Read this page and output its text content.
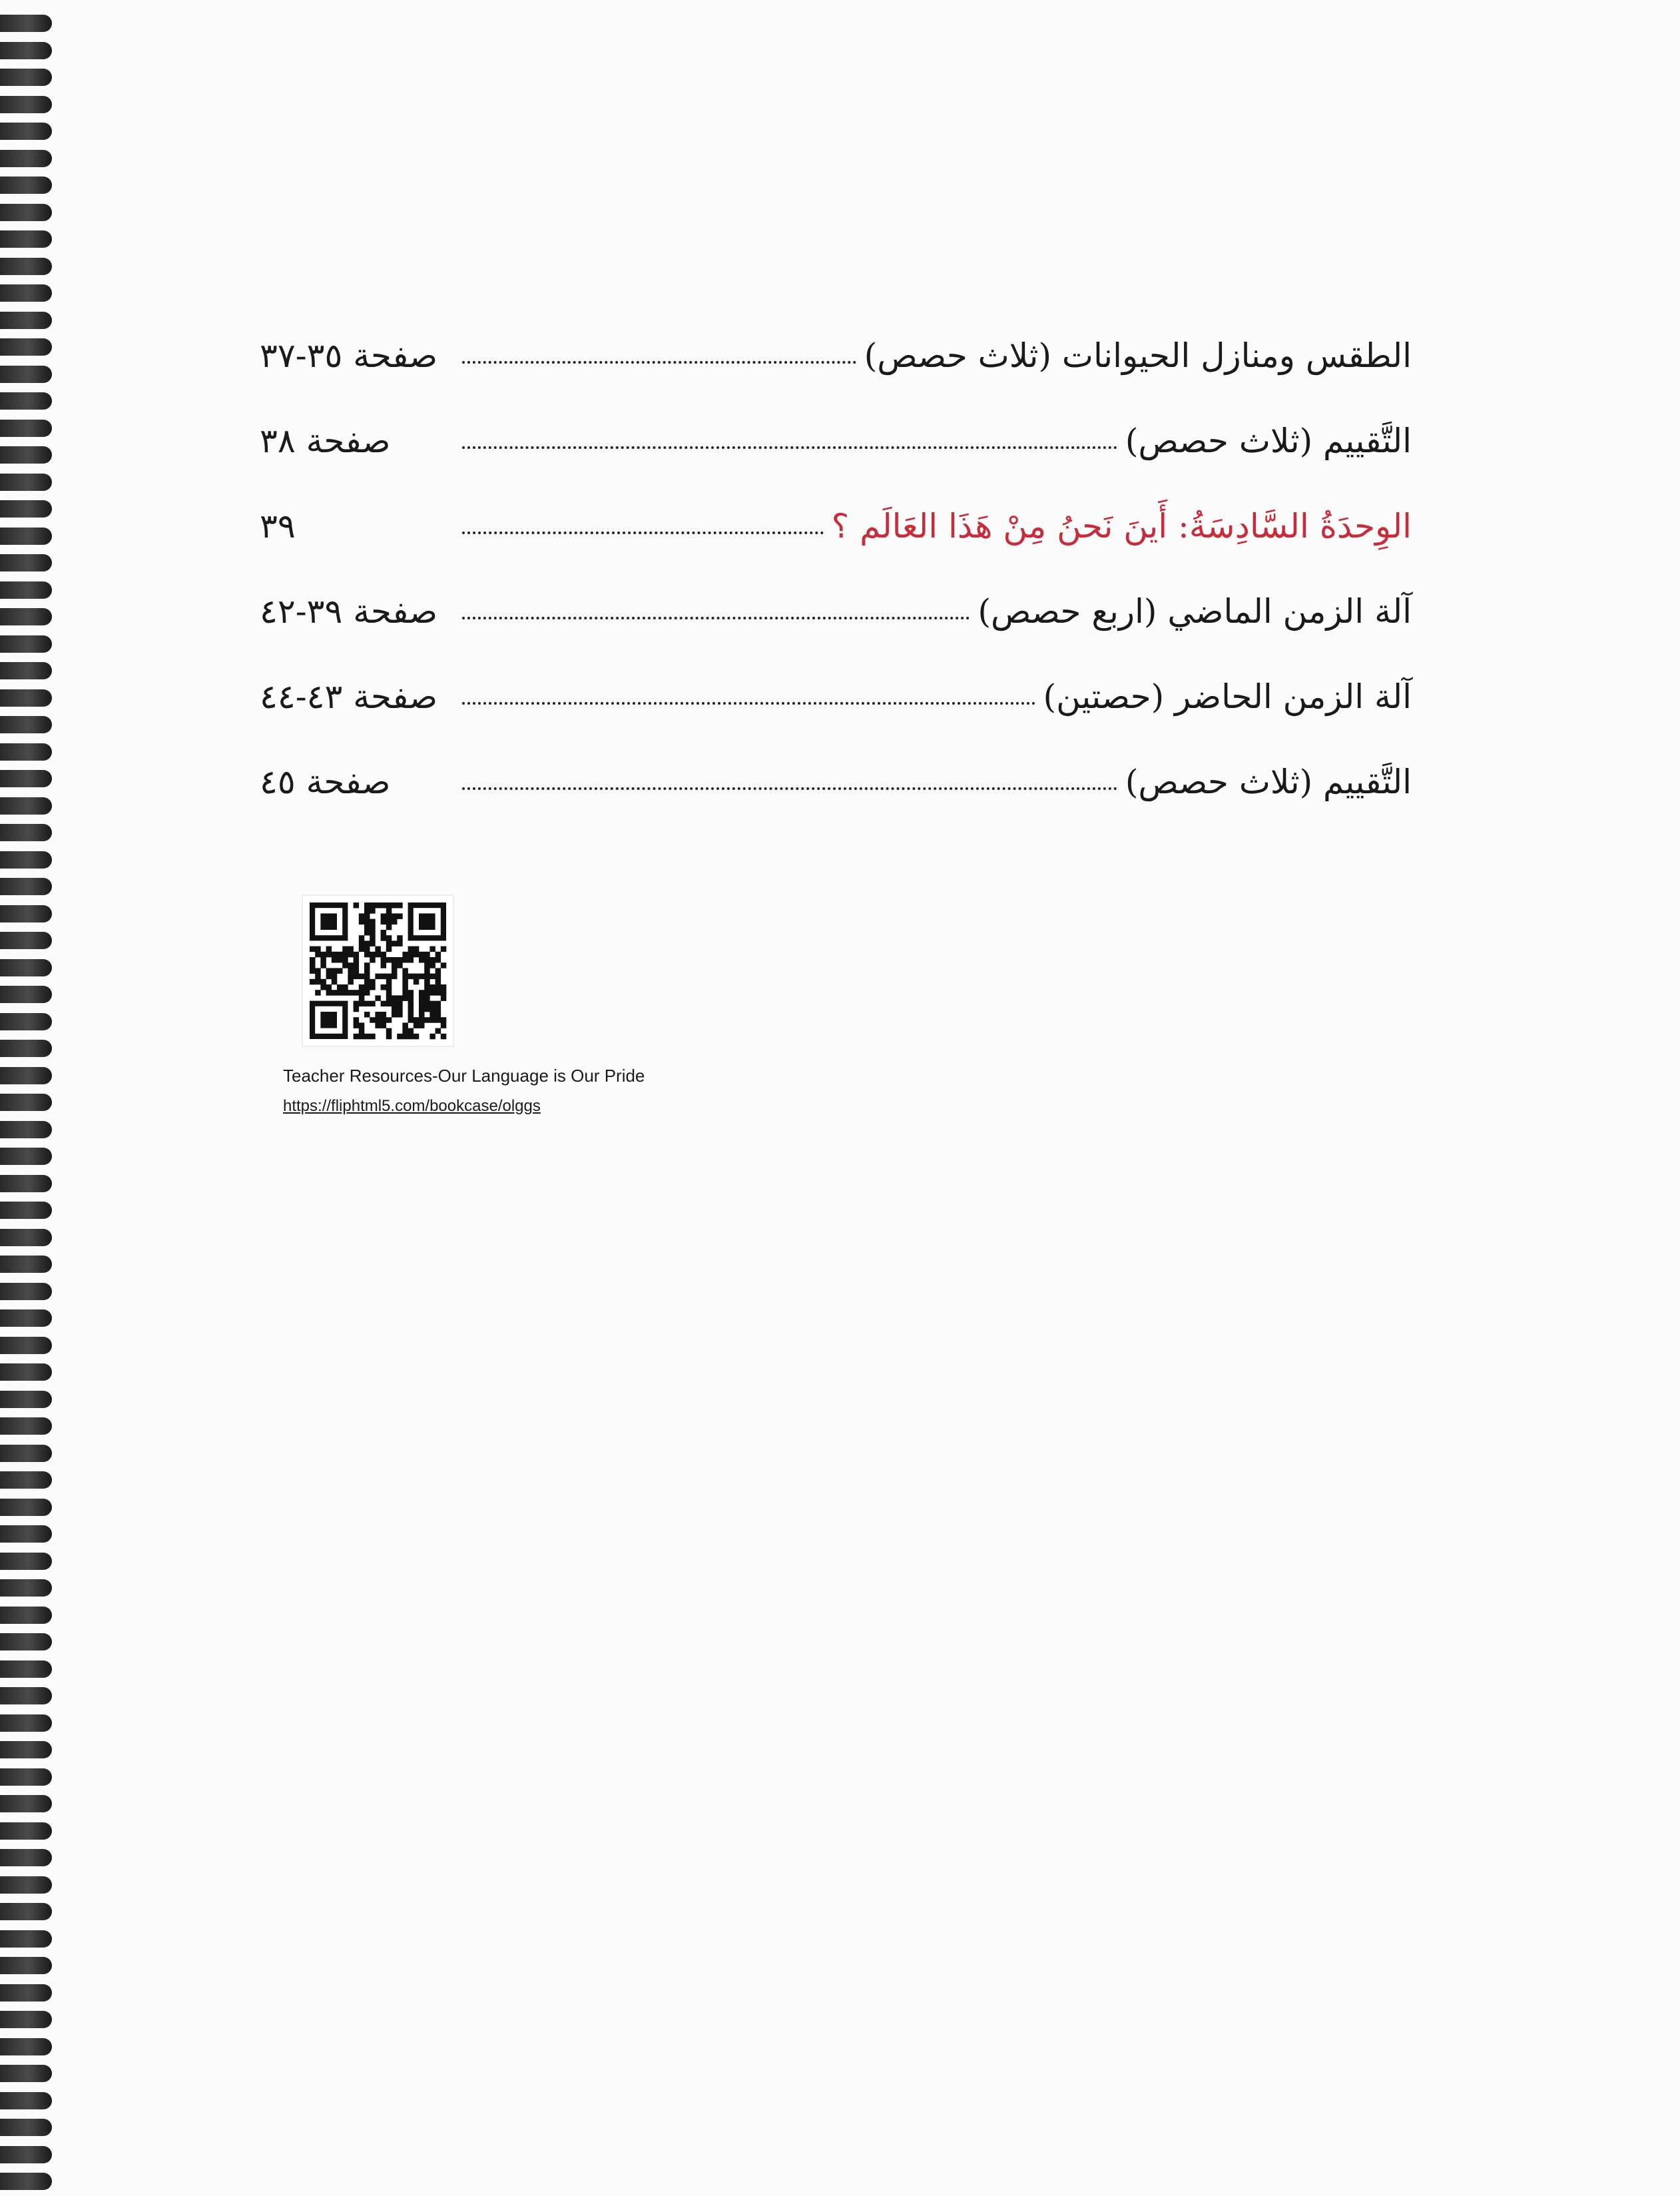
الطقس ومنازل الحيوانات (ثلاث حصص)
صفحة ٣٥-٣٧
التَّقييم (ثلاث حصص)
صفحة ٣٨
الوِحدَةُ السَّادِسَةُ: أَينَ نَحنُ مِنْ هَذَا العَالَم ؟
٣٩
آلة الزمن الماضي (اربع حصص)
صفحة ٣٩-٤٢
آلة الزمن الحاضر (حصتين)
صفحة ٤٣-٤٤
التَّقييم (ثلاث حصص)
صفحة ٤٥
Teacher Resources-Our Language is Our Pride
https://fliphtml5.com/bookcase/olggs
